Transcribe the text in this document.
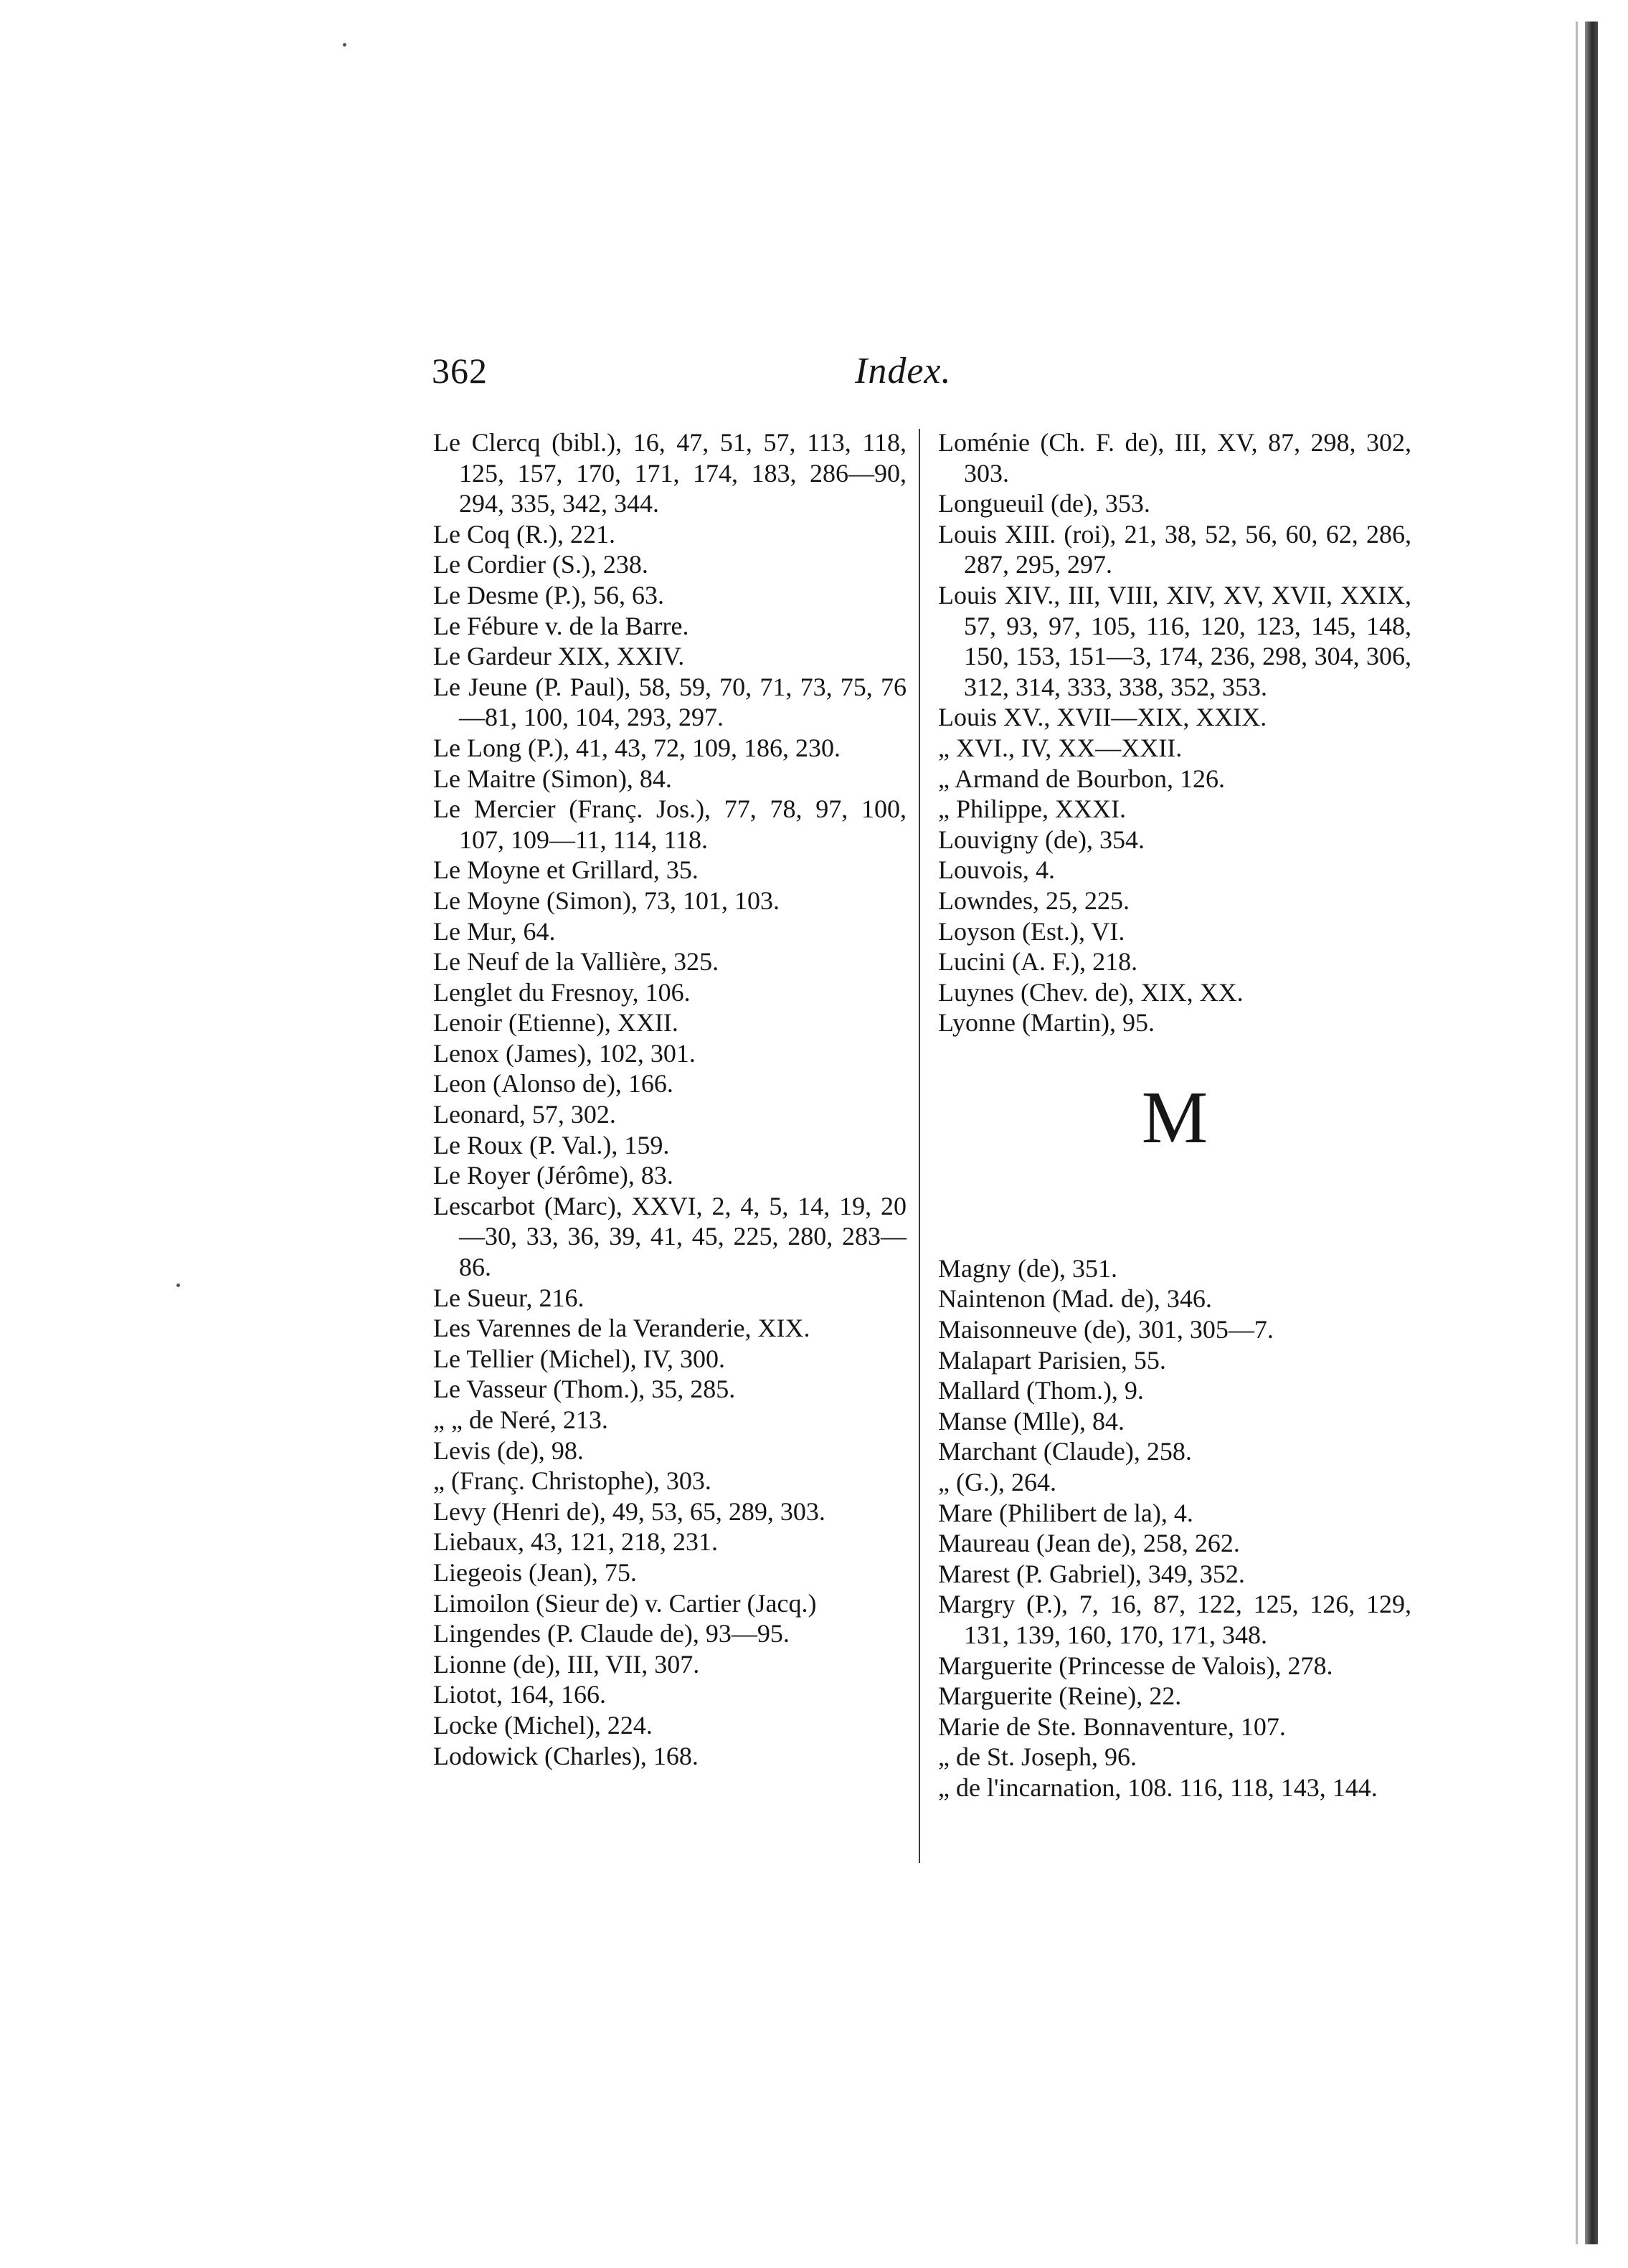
362	Index.

Le Clercq (bibl.), 16, 47, 51, 57, 113, 118, 125, 157, 170, 171, 174, 183, 286—90, 294, 335, 342, 344.

Le Coq (R.), 221.

Le Cordier (S.), 238.

Le Desme (P.), 56, 63.

Le Fébure v. de la Barre.

Le Gardeur XIX, XXIV.

Le Jeune (P. Paul), 58, 59, 70, 71, 73, 75, 76—81, 100, 104, 293, 297.

Le Long (P.), 41, 43, 72, 109, 186, 230.

Le Maitre (Simon), 84.

Le Mercier (Franç. Jos.), 77, 78, 97, 100, 107, 109—11, 114, 118.

Le Moyne et Grillard, 35.

Le Moyne (Simon), 73, 101, 103.

Le Mur, 64.

Le Neuf de la Vallière, 325.

Lenglet du Fresnoy, 106.

Lenoir (Etienne), XXII.

Lenox (James), 102, 301.

Leon (Alonso de), 166.

Leonard, 57, 302.

Le Roux (P. Val.), 159.

Le Royer (Jérôme), 83.

Lescarbot (Marc), XXVI, 2, 4, 5, 14, 19, 20—30, 33, 36, 39, 41, 45, 225, 280, 283—86.

Le Sueur, 216.

Les Varennes de la Veranderie, XIX.

Le Tellier (Michel), IV, 300.

Le Vasseur (Thom.), 35, 285.

„ „ de Neré, 213.

Levis (de), 98.

„ (Franç. Christophe), 303.

Levy (Henri de), 49, 53, 65, 289, 303.

Liebaux, 43, 121, 218, 231.

Liegeois (Jean), 75.

Limoilon (Sieur de) v. Cartier (Jacq.)

Lingendes (P. Claude de), 93—95.

Lionne (de), III, VII, 307.

Liotot, 164, 166.

Locke (Michel), 224.

Lodowick (Charles), 168.

Loménie (Ch. F. de), III, XV, 87, 298, 302, 303.

Longueuil (de), 353.

Louis XIII. (roi), 21, 38, 52, 56, 60, 62, 286, 287, 295, 297.

Louis XIV., III, VIII, XIV, XV, XVII, XXIX, 57, 93, 97, 105, 116, 120, 123, 145, 148, 150, 153, 151—3, 174, 236, 298, 304, 306, 312, 314, 333, 338, 352, 353.

Louis XV., XVII—XIX, XXIX.

„ XVI., IV, XX—XXII.

„ Armand de Bourbon, 126.

„ Philippe, XXXI.

Louvigny (de), 354.

Louvois, 4.

Lowndes, 25, 225.

Loyson (Est.), VI.

Lucini (A. F.), 218.

Luynes (Chev. de), XIX, XX.

Lyonne (Martin), 95.

M

Magny (de), 351.

Naintenon (Mad. de), 346.

Maisonneuve (de), 301, 305—7.

Malapart Parisien, 55.

Mallard (Thom.), 9.

Manse (Mlle), 84.

Marchant (Claude), 258.

„ (G.), 264.

Mare (Philibert de la), 4.

Maureau (Jean de), 258, 262.

Marest (P. Gabriel), 349, 352.

Margry (P.), 7, 16, 87, 122, 125, 126, 129, 131, 139, 160, 170, 171, 348.

Marguerite (Princesse de Valois), 278.

Marguerite (Reine), 22.

Marie de Ste. Bonnaventure, 107.

„ de St. Joseph, 96.

„ de l'incarnation, 108. 116, 118, 143, 144.
